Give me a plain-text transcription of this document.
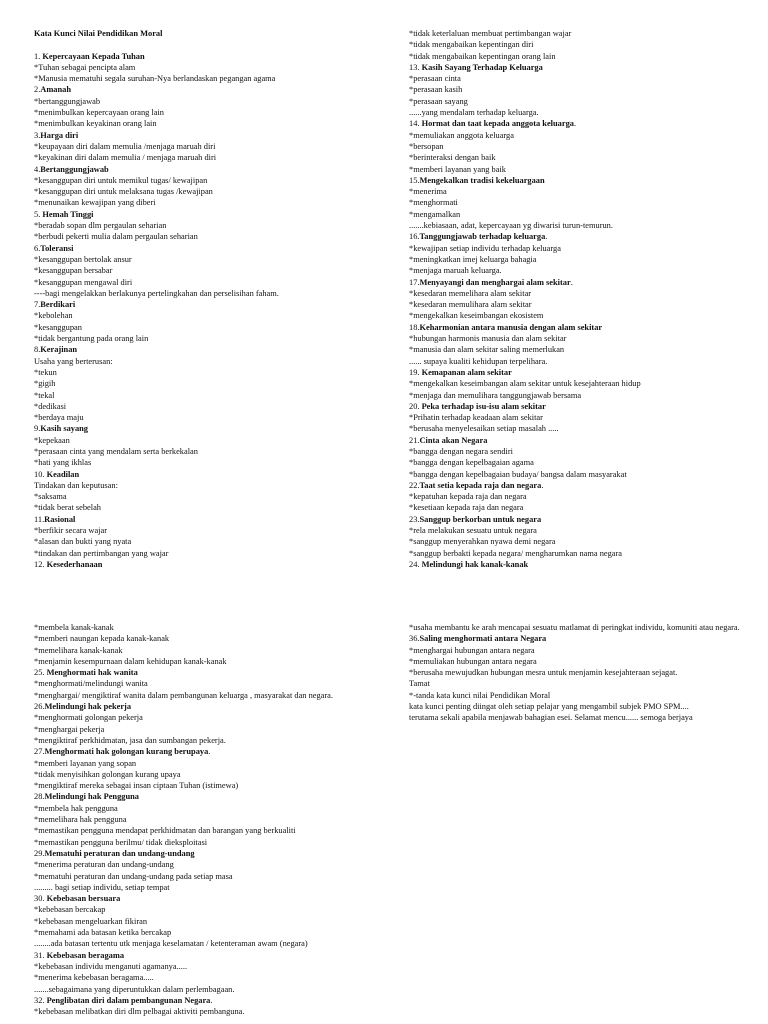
Kata Kunci Nilai Pendidikan Moral

1. Kepercayaan Kepada Tuhan
*Tuhan sebagai pencipta alam
*Manusia mematuhi segala suruhan-Nya berlandaskan pegangan agama
2.Amanah
*bertanggungjawab
*menimbulkan kepercayaan orang lain
*menimbulkan keyakinan orang lain
3.Harga diri
*keupayaan diri dalam memulia /menjaga maruah diri
*keyakinan diri dalam memulia / menjaga maruah diri
4.Bertanggungjawab
*kesanggupan diri untuk memikul tugas/ kewajipan
*kesanggupan diri untuk melaksana tugas /kewajipan
*menunaikan kewajipan yang diberi
5. Hemah Tinggi
*beradab sopan dlm pergaulan seharian
*berbudi pekerti mulia dalam pergaulan seharian
6.Toleransi
*kesanggupan bertolak ansur
*kesanggupan bersabar
*kesanggupan mengawal diri
----bagi mengelakkan berlakunya pertelingkahan dan perselisihan faham.
7.Berdikari
*kebolehan
*kesanggupan
*tidak bergantung pada orang lain
8.Kerajinan
Usaha yang berterusan:
*tekun
*gigih
*tekal
*dedikasi
*berdaya maju
9.Kasih sayang
*kepekaan
*perasaan cinta yang mendalam serta berkekalan
*hati yang ikhlas
10. Keadilan
Tindakan dan keputusan:
*saksama
*tidak berat sebelah
11.Rasional
*berfikir secara wajar
*alasan dan bukti yang nyata
*tindakan dan pertimbangan yang wajar
12. Kesederhanaan
*tidak keterlaluan membuat pertimbangan wajar
*tidak mengabaikan kepentingan diri
*tidak mengabaikan kepentingan orang lain
13. Kasih Sayang Terhadap Keluarga
*perasaan cinta
*perasaan kasih
*perasaan sayang
......yang mendalam terhadap keluarga.
14. Hormat dan taat kepada anggota keluarga.
*memuliakan anggota keluarga
*bersopan
*berinteraksi dengan baik
*memberi layanan yang baik
15.Mengekalkan tradisi kekeluargaan
*menerima
*menghormati
*mengamalkan
.......kebiasaan, adat, kepercayaan yg diwarisi turun-temurun.
16.Tanggungjawab terhadap keluarga.
*kewajipan setiap individu terhadap keluarga
*meningkatkan imej keluarga bahagia
*menjaga maruah keluarga.
17.Menyayangi dan menghargai alam sekitar.
*kesedaran memelihara alam sekitar
*kesedaran memulihara alam sekitar
*mengekalkan keseimbangan ekosistem
18.Keharmonian antara manusia dengan alam sekitar
*hubungan harmonis manusia dan alam sekitar
*manusia dan alam sekitar saling memerlukan
...... supaya kualiti kehidupan terpelihara.
19. Kemapanan alam sekitar
*mengekalkan keseimbangan alam sekitar untuk kesejahteraan hidup
*menjaga dan memulihara tanggungjawab bersama
20. Peka terhadap isu-isu alam sekitar
*Prihatin terhadap keadaan alam sekitar
*berusaha menyelesaikan setiap masalah .....
21.Cinta akan Negara
*bangga dengan negara sendiri
*bangga dengan kepelbagaian agama
*bangga dengan kepelbagaian budaya/ bangsa dalam masyarakat
22.Taat setia kepada raja dan negara.
*kepatuhan kepada raja dan negara
*kesetiaan kepada raja dan negara
23.Sanggup berkorban untuk negara
*rela melakukan sesuatu untuk negara
*sanggup menyerahkan nyawa demi negara
*sanggup berbakti kepada negara/ mengharumkan nama negara
24. Melindungi hak kanak-kanak
*membela kanak-kanak
*memberi naungan kepada kanak-kanak
*memelihara kanak-kanak
*menjamin kesempurnaan dalam kehidupan kanak-kanak
25. Menghormati hak wanita
*menghormati/melindungi wanita
*menghargai/ mengiktiraf wanita dalam pembangunan keluarga , masyarakat dan negara.
26.Melindungi hak pekerja
*menghormati golongan pekerja
*menghargai pekerja
*mengiktiraf perkhidmatan, jasa dan sumbangan pekerja.
27.Menghormati hak golongan kurang berupaya.
*memberi layanan yang sopan
*tidak menyisihkan golongan kurang upaya
*mengiktiraf mereka sebagai insan ciptaan Tuhan (istimewa)
28.Melindungi hak Pengguna
*membela hak pengguna
*memelihara hak pengguna
*memastikan pengguna mendapat perkhidmatan dan barangan yang berkualiti
*memastikan pengguna berilmu/ tidak dieksploitasi
29.Mematuhi peraturan dan undang-undang
*menerima peraturan dan undang-undang
*mematuhi peraturan dan undang-undang pada setiap masa
......... bagi setiap individu, setiap tempat
30. Kebebasan bersuara
*kebebasan bercakap
*kebebasan mengeluarkan fikiran
*memahami ada batasan ketika bercakap
........ada batasan tertentu utk menjaga keselamatan / ketenteraman awam (negara)
31. Kebebasan beragama
*kebebasan individu menganuti agamanya.....
*menerima kebebasan beragama.....
.......sebagaimana yang diperuntukkan dalam perlembagaan.
32. Penglibatan diri dalam pembangunan Negara.
*kebebasan melibatkan diri dlm pelbagai aktiviti pembanguna.
*usaha membantu ke arah mencapai sesuatu matlamat di peringkat individu, komuniti atau negara.
36.Saling menghormati antara Negara
*menghargai hubungan antara negara
*memuliakan hubungan antara negara
*berusaha mewujudkan hubungan mesra untuk menjamin kesejahteraan sejagat.
Tamat
*-tanda kata kunci nilai Pendidikan Moral
kata kunci penting diingat oleh setiap pelajar yang mengambil subjek PMO SPM....
terutama sekali apabila menjawab bahagian esei. Selamat mencu...... semoga berjaya
